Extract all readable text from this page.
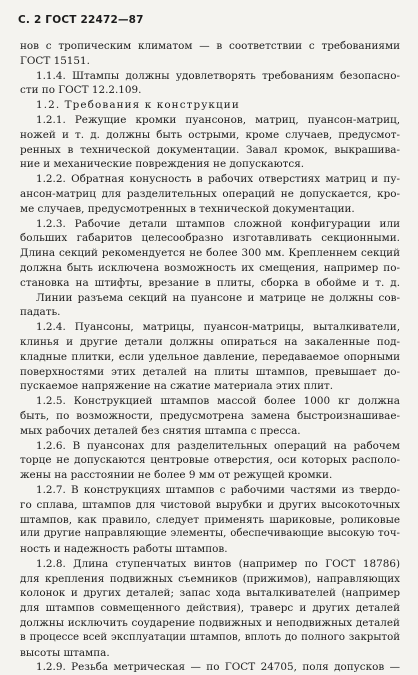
С. 2 ГОСТ 22472—87
нов с тропическим климатом — в соответствии с требованиями
ГОСТ 15151.
1.1.4. Штампы должны удовлетворять требованиям безопасно-
сти по ГОСТ 12.2.109.
1.2. Требования к конструкции
1.2.1. Режущие кромки пуансонов, матриц, пуансон-матриц,
ножей и т. д. должны быть острыми, кроме случаев, предусмот-
ренных в технической документации. Завал кромок, выкрашива-
ние и механические повреждения не допускаются.
1.2.2. Обратная конусность в рабочих отверстиях матриц и пу-
ансон-матриц для разделительных операций не допускается, кро-
ме случаев, предусмотренных в технической документации.
1.2.3. Рабочие детали штампов сложной конфигурации или
больших габаритов целесообразно изготавливать секционными.
Длина секций рекомендуется не более 300 мм. Крепленнем секций
должна быть исключена возможность их смещения, например по-
становка на штифты, врезание в плиты, сборка в обойме и т. д.
Линии разъема секций на пуансоне и матрице не должны сов-
падать.
1.2.4. Пуансоны, матрицы, пуансон-матрицы, выталкиватели,
клинья и другие детали должны опираться на закаленные под-
кладные плитки, если удельное давление, передаваемое опорными
поверхностями этих деталей на плиты штампов, превышает до-
пускаемое напряжение на сжатие материала этих плит.
1.2.5. Конструкцией штампов массой более 1000 кг должна
быть, по возможности, предусмотрена замена быстроизнашивае-
мых рабочих деталей без снятия штампа с пресса.
1.2.6. В пуансонах для разделительных операций на рабочем
торце не допускаются центровые отверстия, оси которых располо-
жены на расстоянии не более 9 мм от режущей кромки.
1.2.7. В конструкциях штампов с рабочими частями из твердо-
го сплава, штампов для чистовой вырубки и других высокоточных
штампов, как правило, следует применять шариковые, роликовые
или другие направляющие элементы, обеспечивающие высокую точ-
ность и надежность работы штампов.
1.2.8. Длина ступенчатых винтов (например по ГОСТ 18786)
для крепления подвижных съемников (прижимов), направляющих
колонок и других деталей; запас хода выталкивателей (например
для штампов совмещенного действия), траверс и других деталей
должны исключить соударение подвижных и неподвижных деталей
в процессе всей эксплуатации штампов, вплоть до полного закрытой
высоты штампа.
1.2.9. Резьба метрическая — по ГОСТ 24705, поля допусков —
